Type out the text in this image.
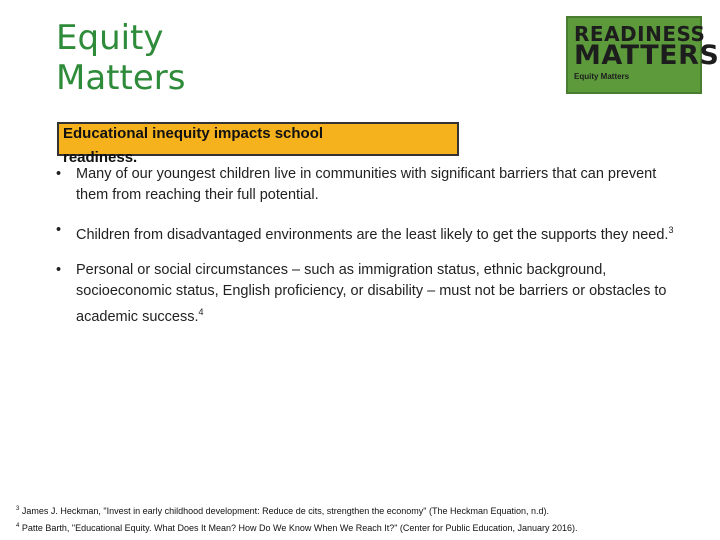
Equity
Matters
READINESS
MATTERS
Equity Matters
Educational inequity impacts school readiness.
• Many of our youngest children live in communities with significant barriers that can prevent them from reaching their full potential.
• Children from disadvantaged environments are the least likely to get the supports they need.$^3$
• Personal or social circumstances – such as immigration status, ethnic background, socioeconomic status, English proficiency, or disability – must not be barriers or obstacles to academic success.$^4$
$^3$ James J. Heckman, "Invest in early childhood development: Reduce de cits, strengthen the economy" (The Heckman Equation, n.d).
$^4$ Patte Barth, "Educational Equity. What Does It Mean? How Do We Know When We Reach It?" (Center for Public Education, January 2016).
